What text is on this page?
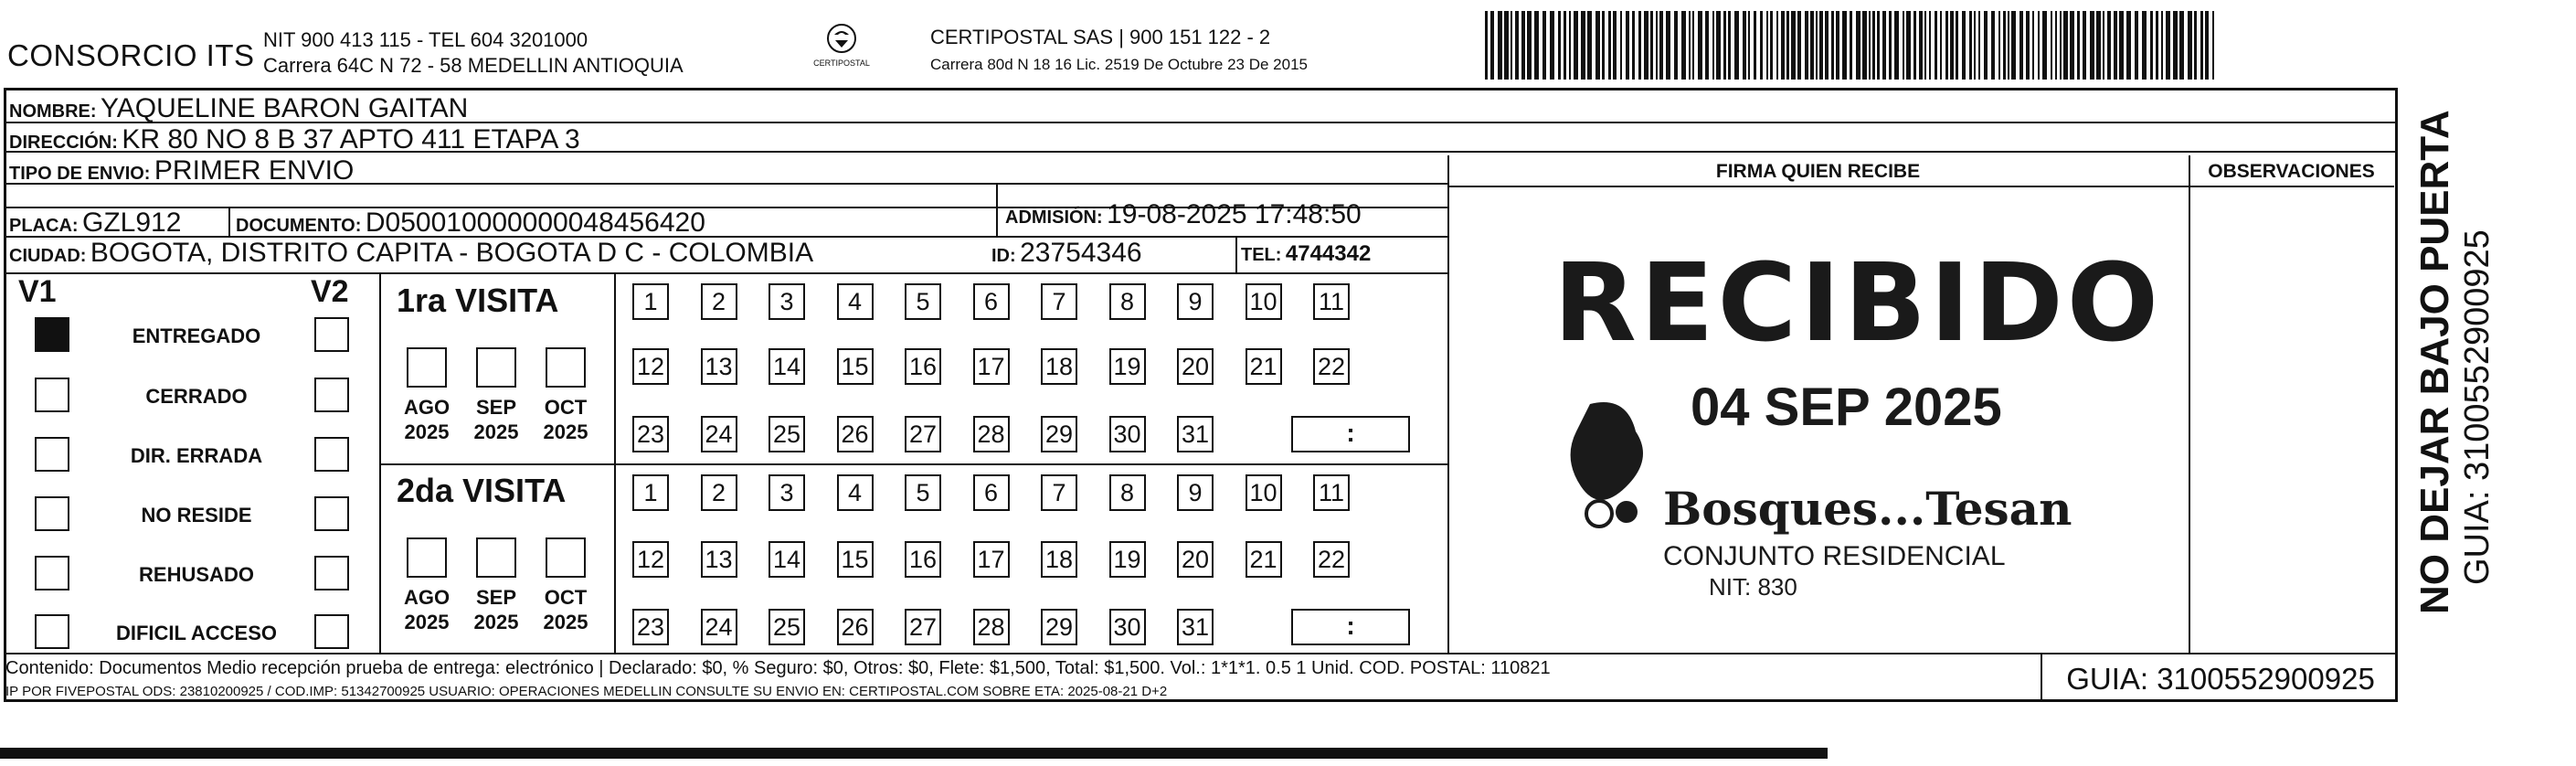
CONSORCIO ITS NIT 900 413 115 - TEL 604 3201000
Carrera 64C N 72 - 58 MEDELLIN ANTIOQUIA	CERTIPOSTAL
CERTIPOSTAL SAS | 900 151 122 - 2
Carrera 80d N 18 16 Lic. 2519 De Octubre 23 De 2015
NOMBRE: YAQUELINE BARON GAITAN
DIRECCIÓN: KR 80 NO 8 B 37 APTO 411 ETAPA 3
TIPO DE ENVIO: PRIMER ENVIO
PLACA: GZL912	DOCUMENTO: D050010000000048456420	ADMISIÓN: 19-08-2025 17:48:50
CIUDAD: BOGOTA, DISTRITO CAPITA - BOGOTA D C - COLOMBIA	ID: 23754346	TEL: 4744342
FIRMA QUIEN RECIBE	OBSERVACIONES
V1	V2
ENTREGADO
CERRADO
DIR. ERRADA
NO RESIDE
REHUSADO
DIFICIL ACCESO
1ra VISITA
2da VISITA
AGO
2025
SEP
2025
OCT
2025
AGO
2025
SEP
2025
OCT
2025
1	2	3	4	5	6	7	8	9	10 11
12 13 14 15 16 17 18 19 20 21 22
23 24 25 26 27 28 29 30 31	:
1	2	3	4	5	6	7	8	9	10 11
12 13 14 15 16 17 18 19 20 21 22
23 24 25 26 27 28 29 30 31	:
RECIBIDO
04 SEP 2025
Bosques...Tesan
CONJUNTO RESIDENCIAL
NIT: 830
Contenido: Documentos Medio recepción prueba de entrega: electrónico | Declarado: $0, % Seguro: $0, Otros: $0, Flete: $1,500, Total: $1,500. Vol.: 1*1*1. 0.5 1 Unid. COD. POSTAL: 110821
IP POR FIVEPOSTAL ODS: 23810200925 / COD.IMP: 51342700925 USUARIO: OPERACIONES MEDELLIN CONSULTE SU ENVIO EN: CERTIPOSTAL.COM SOBRE ETA: 2025-08-21 D+2	GUIA: 3100552900925
NO DEJAR BAJO PUERTA GUIA: 3100552900925
